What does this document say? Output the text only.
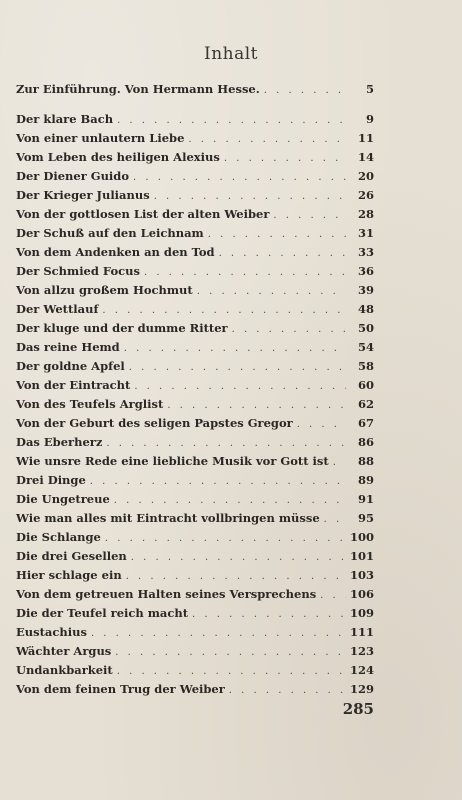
Inhalt
Zur Einführung. Von Hermann Hesse. . . .	5
Der klare Bach . . .	9
Von einer unlautern Liebe . . .	11
Vom Leben des heiligen Alexius . . .	14
Der Diener Guido . . .	20
Der Krieger Julianus . . .	26
Von der gottlosen List der alten Weiber . . .	28
Der Schuß auf den Leichnam . . .	31
Von dem Andenken an den Tod . . .	33
Der Schmied Focus . . .	36
Von allzu großem Hochmut . . .	39
Der Wettlauf . . .	48
Der kluge und der dumme Ritter . . .	50
Das reine Hemd . . .	54
Der goldne Apfel . . .	58
Von der Eintracht . . .	60
Von des Teufels Arglist . . .	62
Von der Geburt des seligen Papstes Gregor . . .	67
Das Eberherz . . .	86
Wie unsre Rede eine liebliche Musik vor Gott ist . . .	88
Drei Dinge . . .	89
Die Ungetreue . . .	91
Wie man alles mit Eintracht vollbringen müsse . . .	95
Die Schlange . . .	100
Die drei Gesellen . . .	101
Hier schlage ein . . .	103
Von dem getreuen Halten seines Versprechens . . .	106
Die der Teufel reich macht . . .	109
Eustachius . . .	111
Wächter Argus . . .	123
Undankbarkeit . . .	124
Von dem feinen Trug der Weiber . . .	129
285
